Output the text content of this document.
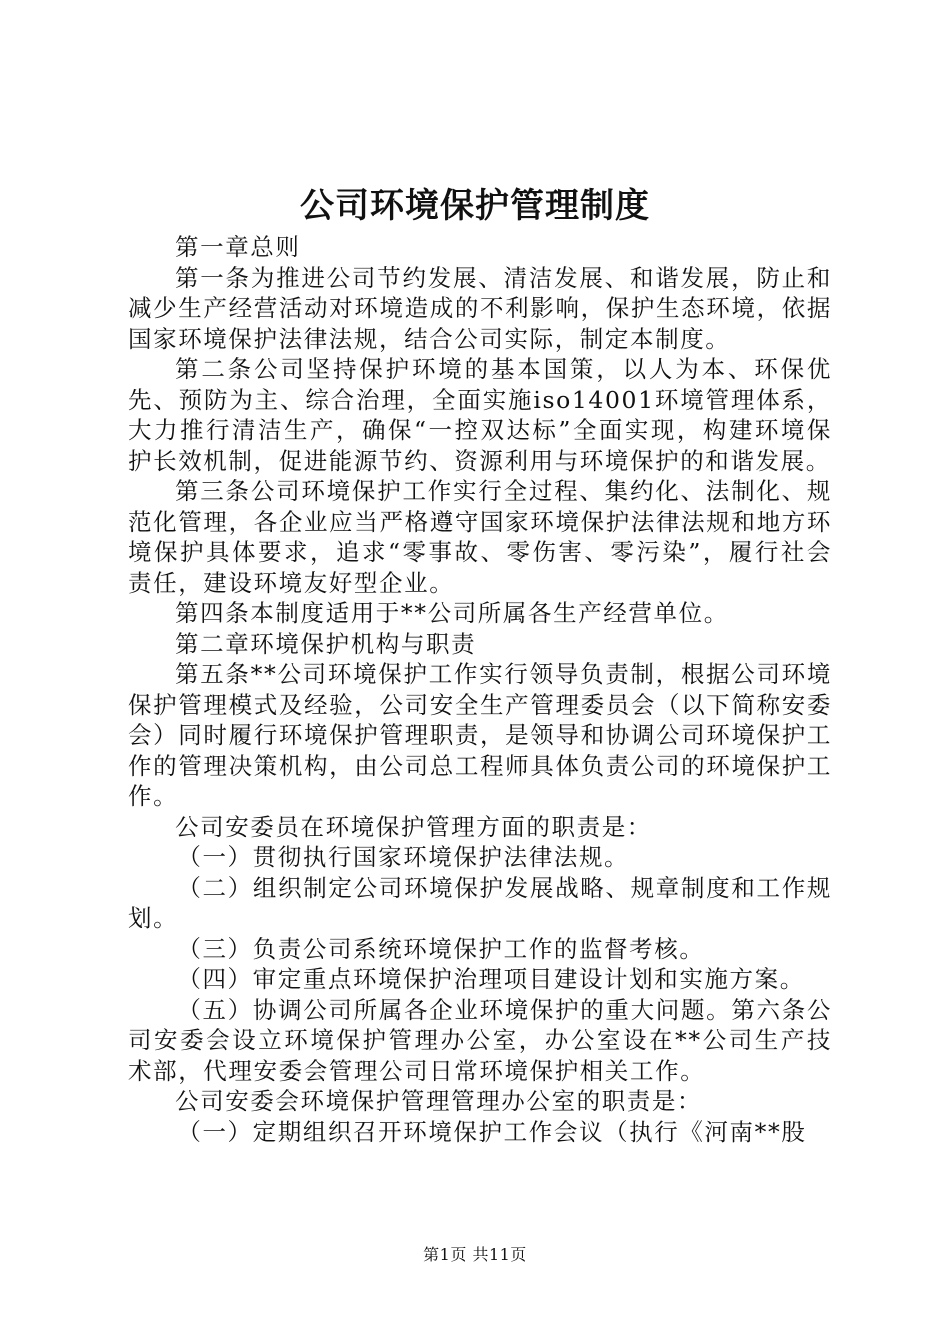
公司环境保护管理制度

第一章总则

第一条为推进公司节约发展、清洁发展、和谐发展，防止和减少生产经营活动对环境造成的不利影响，保护生态环境，依据国家环境保护法律法规，结合公司实际，制定本制度。

第二条公司坚持保护环境的基本国策，以人为本、环保优先、预防为主、综合治理，全面实施iso14001环境管理体系，大力推行清洁生产，确保“一控双达标”全面实现，构建环境保护长效机制，促进能源节约、资源利用与环境保护的和谐发展。

第三条公司环境保护工作实行全过程、集约化、法制化、规范化管理，各企业应当严格遵守国家环境保护法律法规和地方环境保护具体要求，追求“零事故、零伤害、零污染”，履行社会责任，建设环境友好型企业。

第四条本制度适用于**公司所属各生产经营单位。

第二章环境保护机构与职责

第五条**公司环境保护工作实行领导负责制，根据公司环境保护管理模式及经验，公司安全生产管理委员会（以下简称安委会）同时履行环境保护管理职责，是领导和协调公司环境保护工作的管理决策机构，由公司总工程师具体负责公司的环境保护工作。

公司安委员在环境保护管理方面的职责是：

（一）贯彻执行国家环境保护法律法规。

（二）组织制定公司环境保护发展战略、规章制度和工作规划。

（三）负责公司系统环境保护工作的监督考核。

（四）审定重点环境保护治理项目建设计划和实施方案。

（五）协调公司所属各企业环境保护的重大问题。第六条公司安委会设立环境保护管理办公室，办公室设在**公司生产技术部，代理安委会管理公司日常环境保护相关工作。

公司安委会环境保护管理管理办公室的职责是：

（一）定期组织召开环境保护工作会议（执行《河南**股

第1页 共11页
